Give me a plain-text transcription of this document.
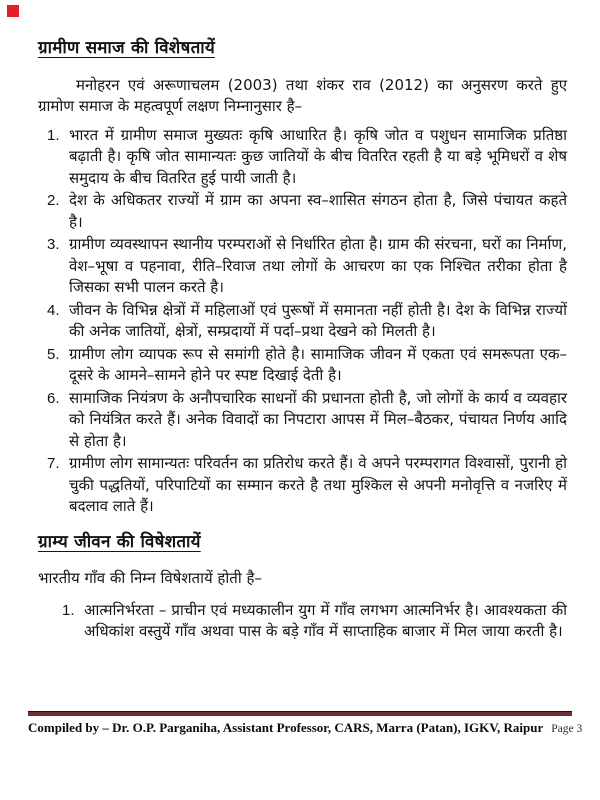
ग्रामीण समाज की विशेषतायें

मनोहरन एवं अरूणाचलम (2003) तथा शंकर राव (2012) का अनुसरण करते हुए ग्रामोण समाज के महत्वपूर्ण लक्षण निम्नानुसार है–

1. भारत में ग्रामीण समाज मुख्यतः कृषि आधारित है। कृषि जोत व पशुधन सामाजिक प्रतिष्ठा बढ़ाती है। कृषि जोत सामान्यतः कुछ जातियों के बीच वितरित रहती है या बड़े भूमिधरों व शेष समुदाय के बीच वितरित हुई पायी जाती है।
2. देश के अधिकतर राज्यों में ग्राम का अपना स्व–शासित संगठन होता है, जिसे पंचायत कहते है।
3. ग्रामीण व्यवस्थापन स्थानीय परम्पराओं से निर्धारित होता है। ग्राम की संरचना, घरों का निर्माण, वेश–भूषा व पहनावा, रीति–रिवाज तथा लोगों के आचरण का एक निश्चित तरीका होता है जिसका सभी पालन करते है।
4. जीवन के विभिन्न क्षेत्रों में महिलाओं एवं पुरूषों में समानता नहीं होती है। देश के विभिन्न राज्यों की अनेक जातियों, क्षेत्रों, सम्प्रदायों में पर्दा–प्रथा देखने को मिलती है।
5. ग्रामीण लोग व्यापक रूप से समांगी होते है। सामाजिक जीवन में एकता एवं समरूपता एक–दूसरे के आमने–सामने होने पर स्पष्ट दिखाई देती है।
6. सामाजिक नियंत्रण के अनौपचारिक साधनों की प्रधानता होती है, जो लोगों के कार्य व व्यवहार को नियंत्रित करते हैं। अनेक विवादों का निपटारा आपस में मिल–बैठकर, पंचायत निर्णय आदि से होता है।
7. ग्रामीण लोग सामान्यतः परिवर्तन का प्रतिरोध करते हैं। वे अपने परम्परागत विश्वासों, पुरानी हो चुकी पद्धतियों, परिपाटियों का सम्मान करते है तथा मुश्किल से अपनी मनोवृत्ति व नजरिए में बदलाव लाते हैं।
ग्राम्य जीवन की विषेशतायें

भारतीय गाँव की निम्न विषेशतायें होती है–

1. आत्मनिर्भरता – प्राचीन एवं मध्यकालीन युग में गाँव लगभग आत्मनिर्भर है। आवश्यकता की अधिकांश वस्तुयें गाँव अथवा पास के बड़े गाँव में साप्ताहिक बाजार में मिल जाया करती है।
Compiled by – Dr. O.P. Parganiha, Assistant Professor, CARS, Marra (Patan), IGKV, Raipur Page 3
